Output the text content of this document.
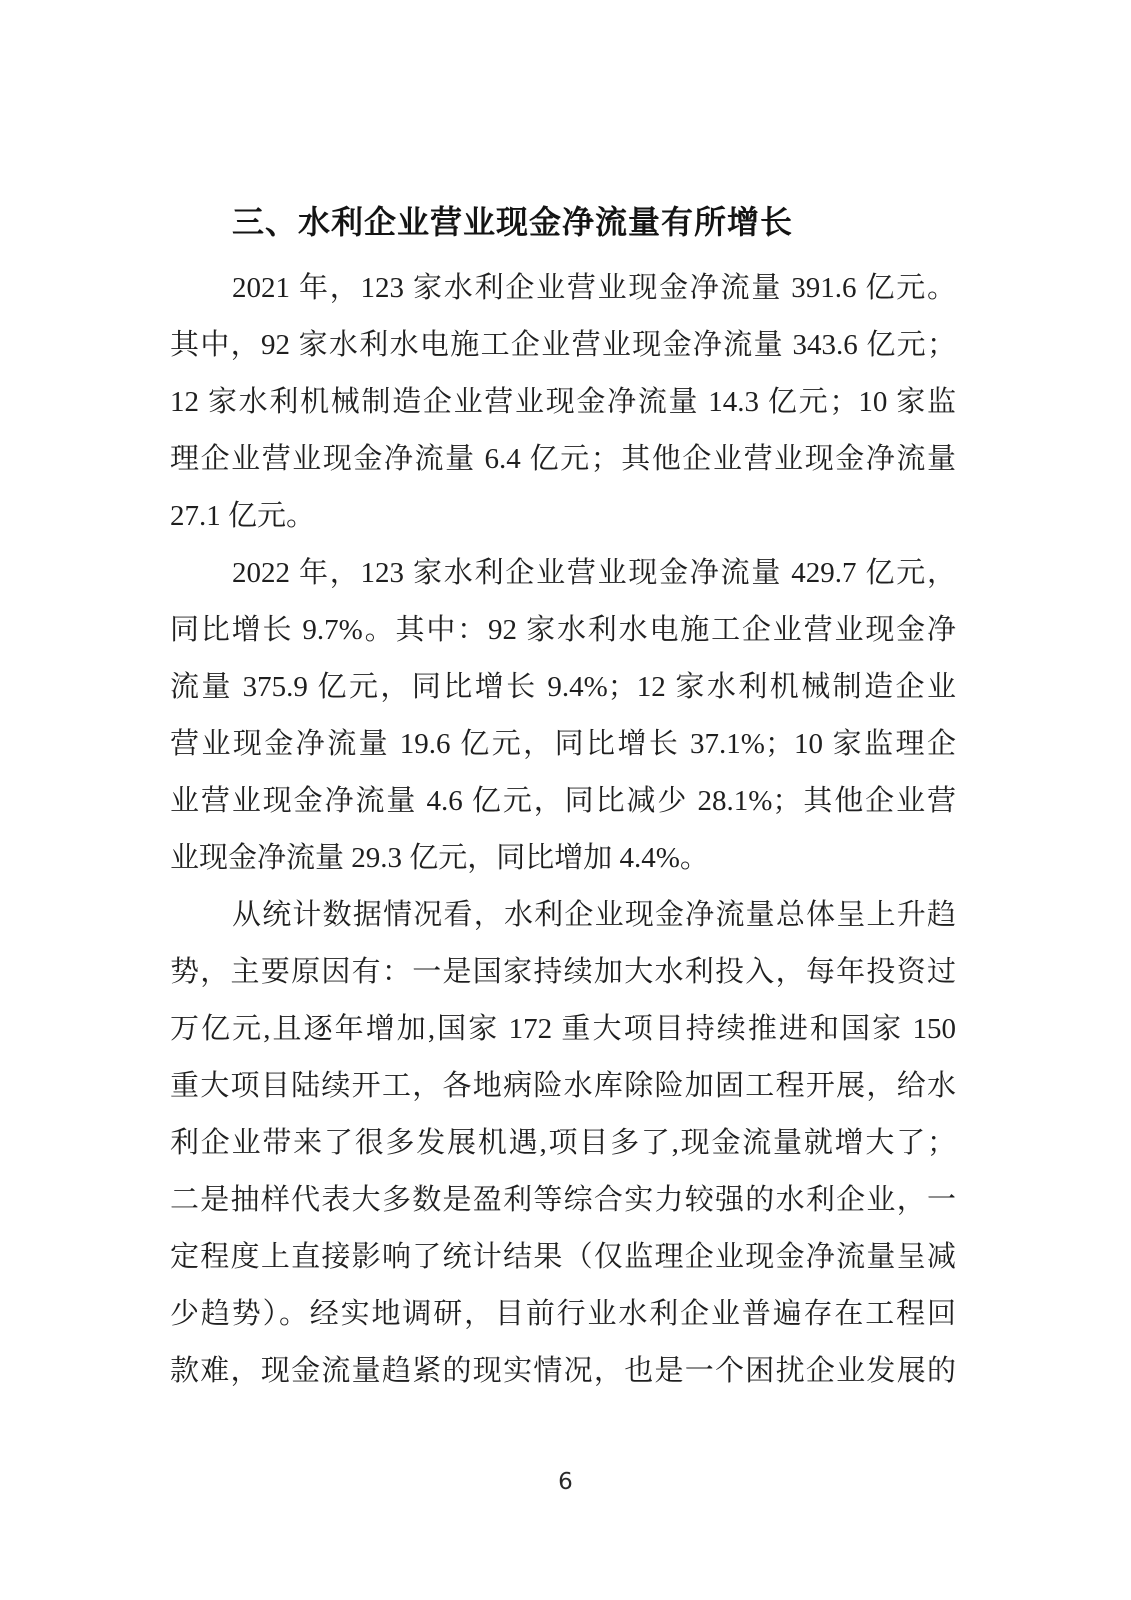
三、水利企业营业现金净流量有所增长
2021 年，123 家水利企业营业现金净流量 391.6 亿元。
其中，92 家水利水电施工企业营业现金净流量 343.6 亿元；
12 家水利机械制造企业营业现金净流量 14.3 亿元；10 家监
理企业营业现金净流量 6.4 亿元；其他企业营业现金净流量
27.1 亿元。
2022 年，123 家水利企业营业现金净流量 429.7 亿元，
同比增长 9.7%。其中：92 家水利水电施工企业营业现金净
流量 375.9 亿元，同比增长 9.4%；12 家水利机械制造企业
营业现金净流量 19.6 亿元，同比增长 37.1%；10 家监理企
业营业现金净流量 4.6 亿元，同比减少 28.1%；其他企业营
业现金净流量 29.3 亿元，同比增加 4.4%。
从统计数据情况看，水利企业现金净流量总体呈上升趋
势，主要原因有：一是国家持续加大水利投入，每年投资过
万亿元,且逐年增加,国家 172 重大项目持续推进和国家 150
重大项目陆续开工，各地病险水库除险加固工程开展，给水
利企业带来了很多发展机遇,项目多了,现金流量就增大了；
二是抽样代表大多数是盈利等综合实力较强的水利企业，一
定程度上直接影响了统计结果（仅监理企业现金净流量呈减
少趋势）。经实地调研，目前行业水利企业普遍存在工程回
款难，现金流量趋紧的现实情况，也是一个困扰企业发展的
6
